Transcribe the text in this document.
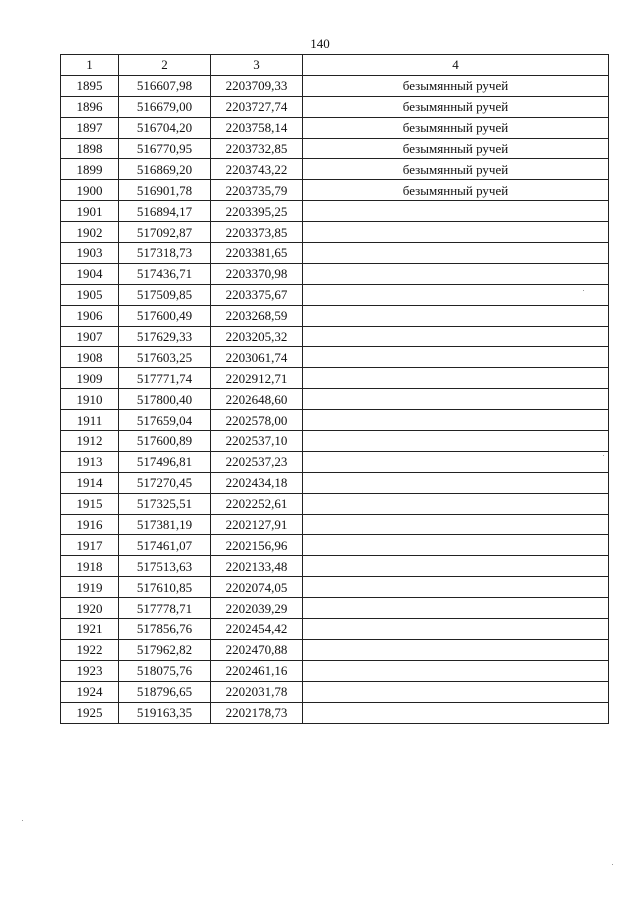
140
1	2	3	4
1895	516607,98	2203709,33	безымянный ручей
1896	516679,00	2203727,74	безымянный ручей
1897	516704,20	2203758,14	безымянный ручей
1898	516770,95	2203732,85	безымянный ручей
1899	516869,20	2203743,22	безымянный ручей
1900	516901,78	2203735,79	безымянный ручей
1901	516894,17	2203395,25	
1902	517092,87	2203373,85	
1903	517318,73	2203381,65	
1904	517436,71	2203370,98	
1905	517509,85	2203375,67	
1906	517600,49	2203268,59	
1907	517629,33	2203205,32	
1908	517603,25	2203061,74	
1909	517771,74	2202912,71	
1910	517800,40	2202648,60	
1911	517659,04	2202578,00	
1912	517600,89	2202537,10	
1913	517496,81	2202537,23	
1914	517270,45	2202434,18	
1915	517325,51	2202252,61	
1916	517381,19	2202127,91	
1917	517461,07	2202156,96	
1918	517513,63	2202133,48	
1919	517610,85	2202074,05	
1920	517778,71	2202039,29	
1921	517856,76	2202454,42	
1922	517962,82	2202470,88	
1923	518075,76	2202461,16	
1924	518796,65	2202031,78	
1925	519163,35	2202178,73	
